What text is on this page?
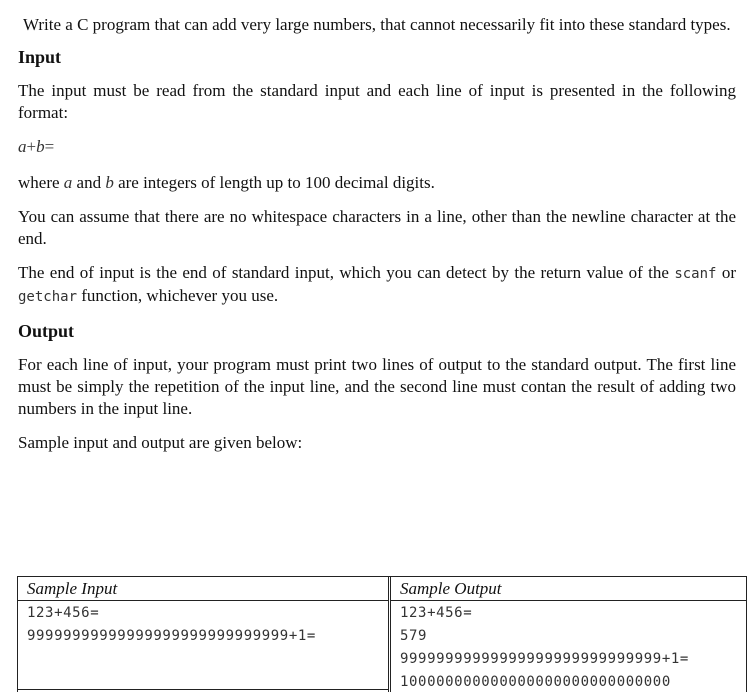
Write a C program that can add very large numbers, that cannot necessarily fit into these standard types.

Input

The input must be read from the standard input and each line of input is presented in the following format:

a+b=

where a and b are integers of length up to 100 decimal digits.

You can assume that there are no whitespace characters in a line, other than the newline character at the end.

The end of input is the end of standard input, which you can detect by the return value of the scanf or getchar function, whichever you use.

Output

For each line of input, your program must print two lines of output to the standard output. The first line must be simply the repetition of the input line, and the second line must contan the result of adding two numbers in the input line.

Sample input and output are given below:

Sample Input
123+456=
99999999999999999999999999999+1=
Sample Output
123+456=
579
99999999999999999999999999999+1=
100000000000000000000000000000
